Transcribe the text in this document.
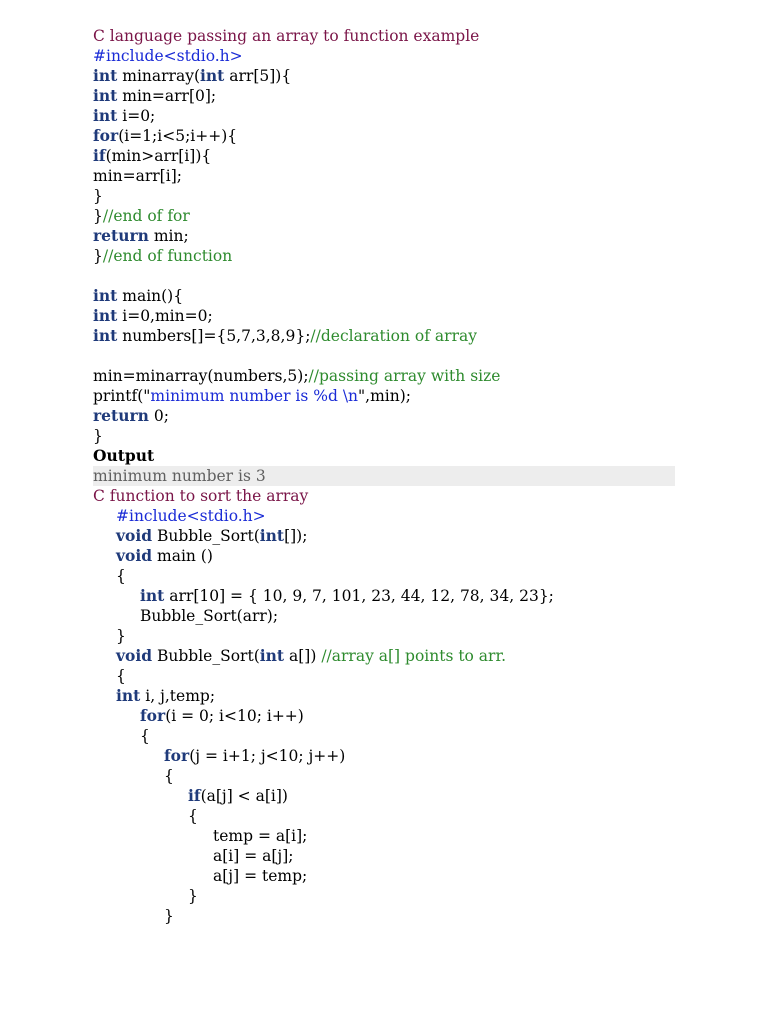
C language passing an array to function example
#include<stdio.h>
int minarray(int arr[5]){
int min=arr[0];
int i=0;
for(i=1;i<5;i++){
if(min>arr[i]){
min=arr[i];
}
}//end of for
return min;
}//end of function
int main(){
int i=0,min=0;
int numbers[]={5,7,3,8,9};//declaration of array
min=minarray(numbers,5);//passing array with size
printf("minimum number is %d \n",min);
return 0;
}
Output
minimum number is 3
C function to sort the array
#include<stdio.h>
void Bubble_Sort(int[]);
void main ()
{
int arr[10] = { 10, 9, 7, 101, 23, 44, 12, 78, 34, 23};
Bubble_Sort(arr);
}
void Bubble_Sort(int a[]) //array a[] points to arr.
{
int i, j,temp;
for(i = 0; i<10; i++)
{
for(j = i+1; j<10; j++)
{
if(a[j] < a[i])
{
temp = a[i];
a[i] = a[j];
a[j] = temp;
}
}
